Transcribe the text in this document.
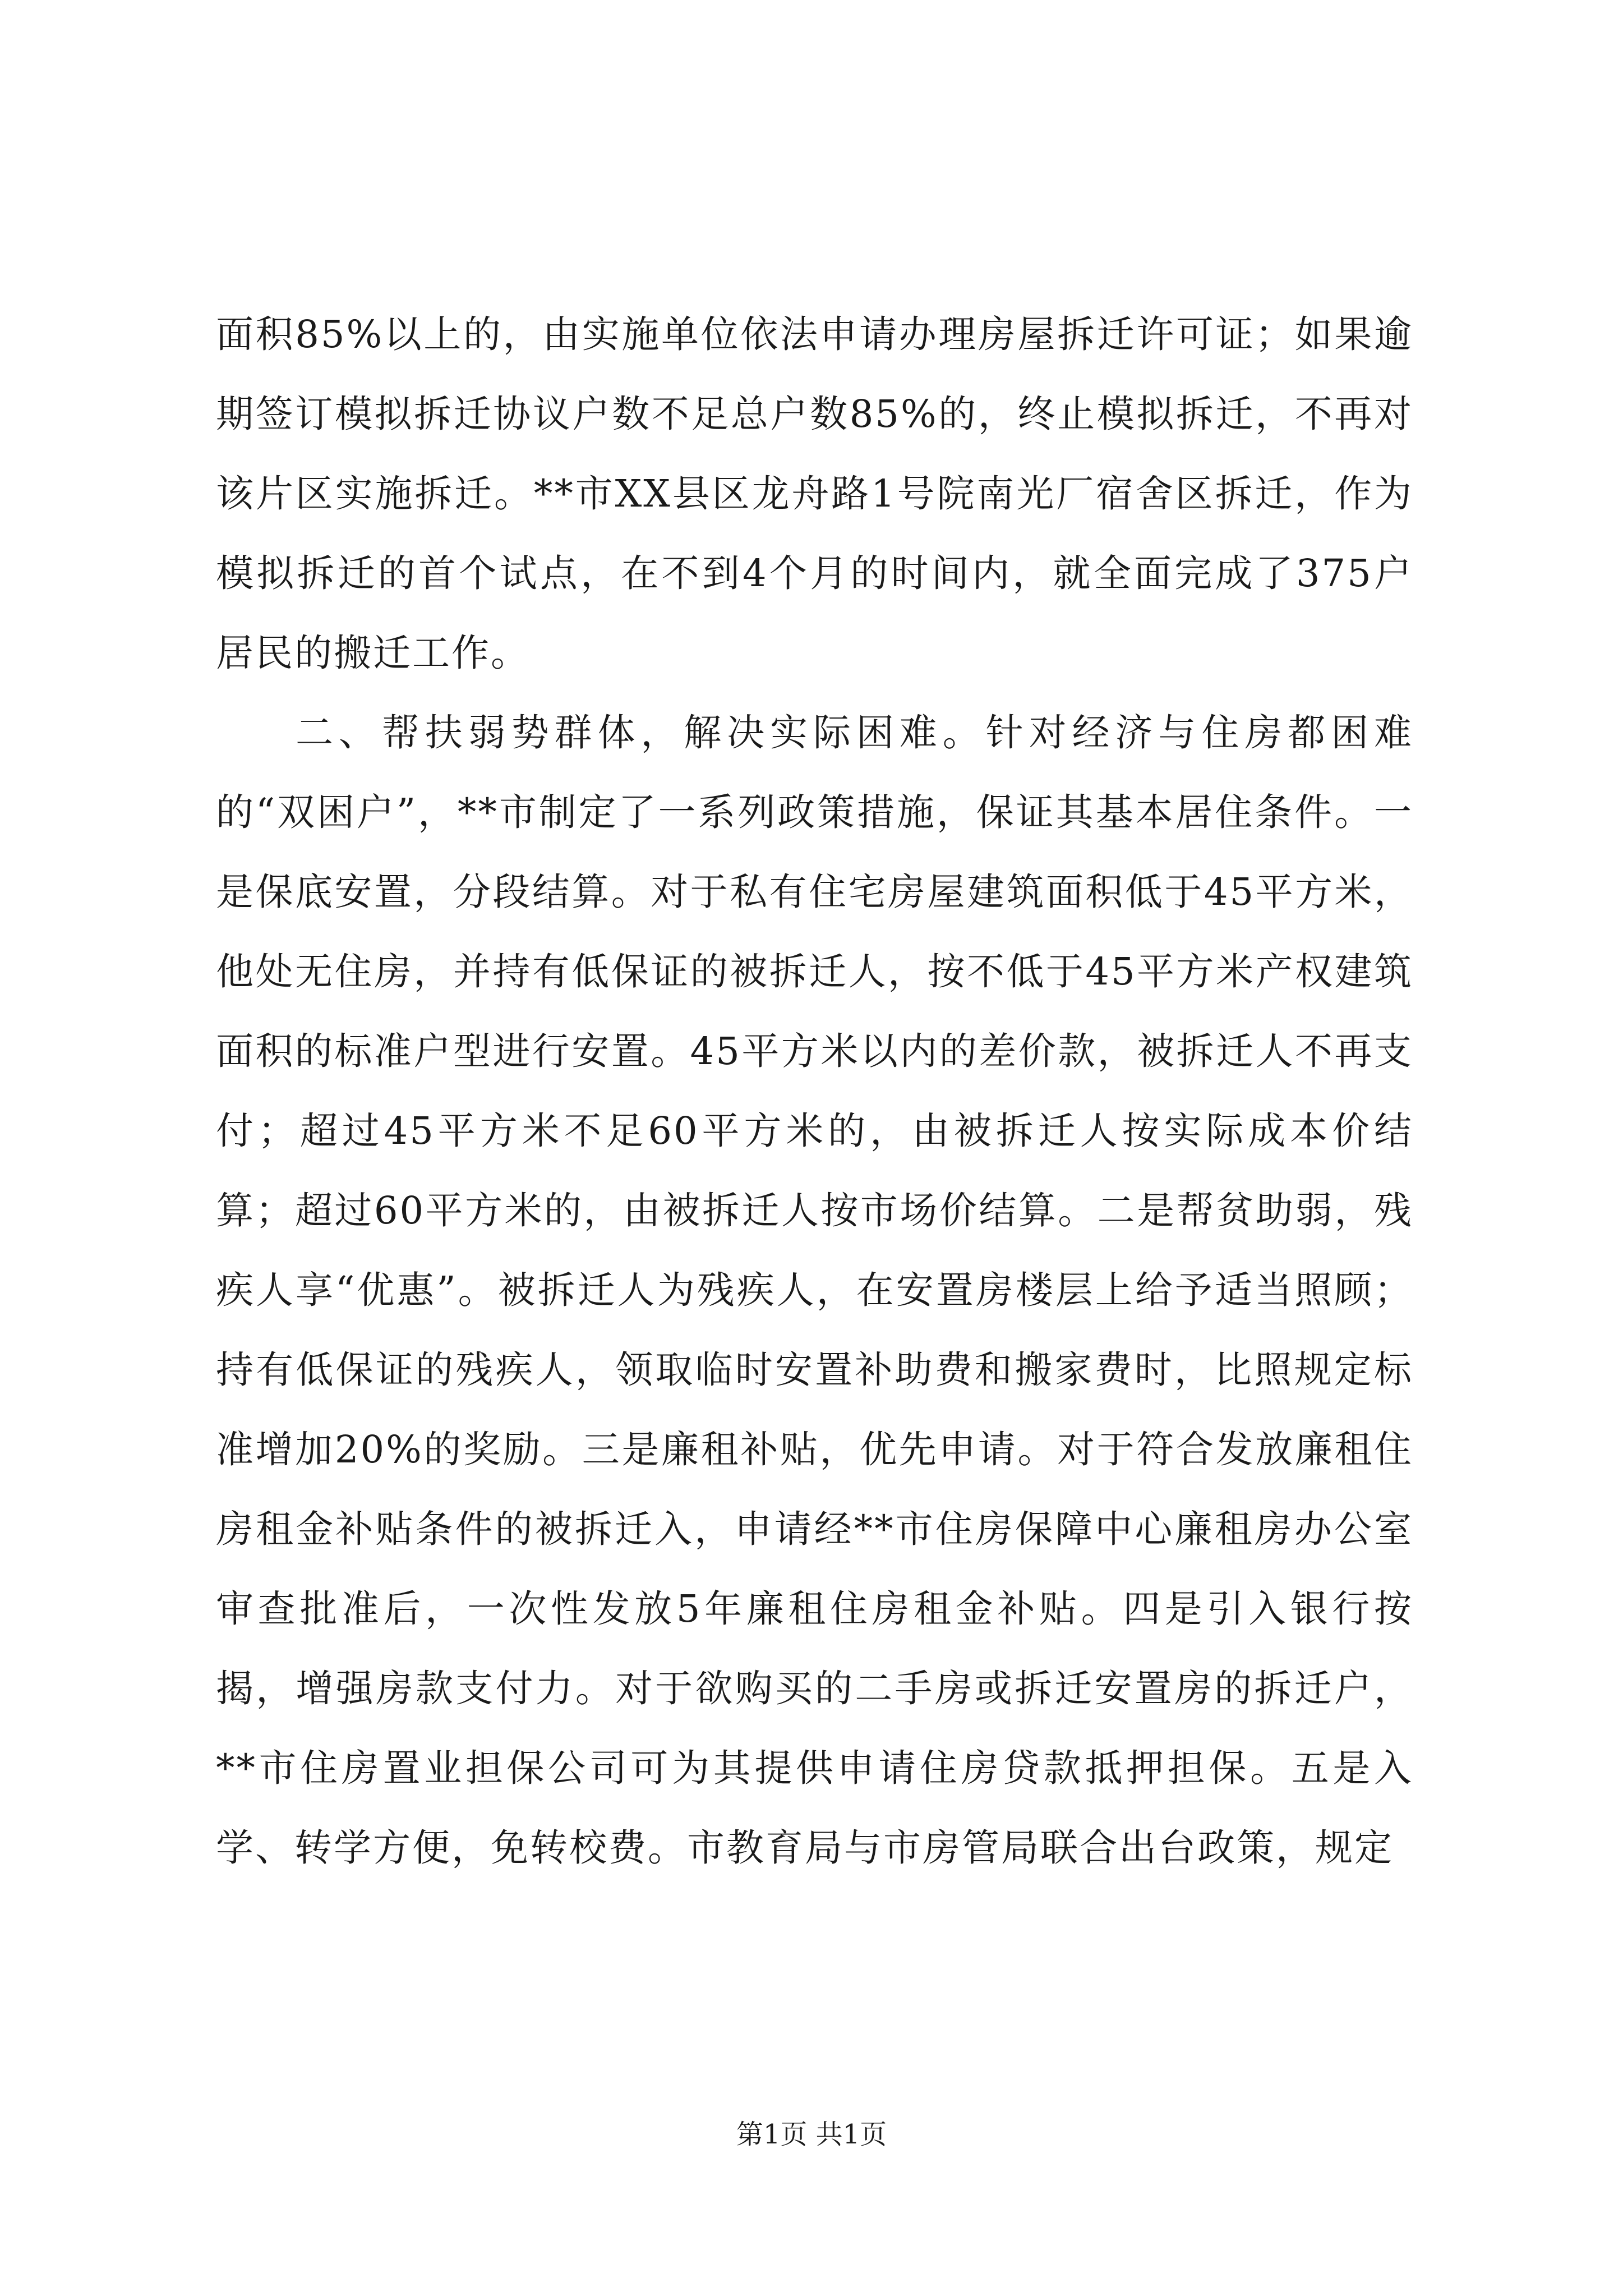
面积85%以上的，由实施单位依法申请办理房屋拆迁许可证；如果逾期签订模拟拆迁协议户数不足总户数85%的，终止模拟拆迁，不再对该片区实施拆迁。**市XX县区龙舟路1号院南光厂宿舍区拆迁，作为模拟拆迁的首个试点，在不到4个月的时间内，就全面完成了375户居民的搬迁工作。

二、帮扶弱势群体，解决实际困难。针对经济与住房都困难的“双困户”，**市制定了一系列政策措施，保证其基本居住条件。一是保底安置，分段结算。对于私有住宅房屋建筑面积低于45平方米，他处无住房，并持有低保证的被拆迁人，按不低于45平方米产权建筑面积的标准户型进行安置。45平方米以内的差价款，被拆迁人不再支付；超过45平方米不足60平方米的，由被拆迁人按实际成本价结算；超过60平方米的，由被拆迁人按市场价结算。二是帮贫助弱，残疾人享“优惠”。被拆迁人为残疾人，在安置房楼层上给予适当照顾；持有低保证的残疾人，领取临时安置补助费和搬家费时，比照规定标准增加20%的奖励。三是廉租补贴，优先申请。对于符合发放廉租住房租金补贴条件的被拆迁入，申请经**市住房保障中心廉租房办公室审查批准后，一次性发放5年廉租住房租金补贴。四是引入银行按揭，增强房款支付力。对于欲购买的二手房或拆迁安置房的拆迁户，**市住房置业担保公司可为其提供申请住房贷款抵押担保。五是入学、转学方便，免转校费。市教育局与市房管局联合出台政策，规定

第1页 共1页
